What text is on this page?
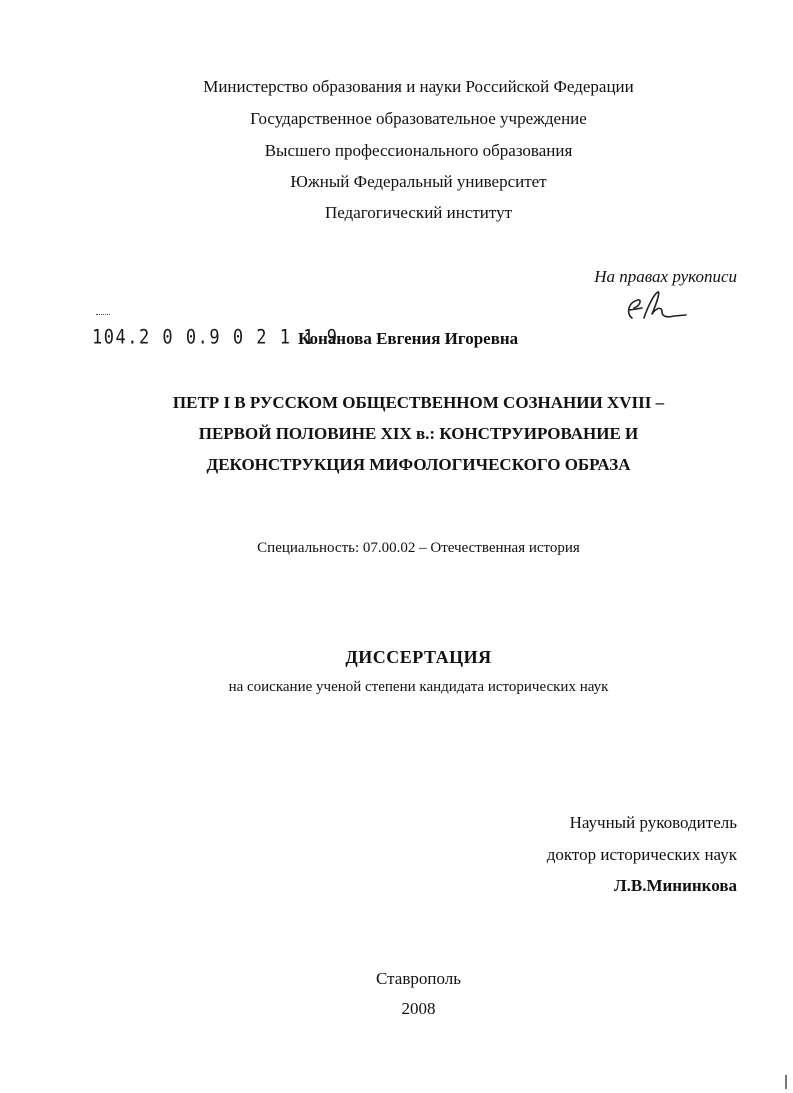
Министерство образования и науки Российской Федерации
Государственное образовательное учреждение
Высшего профессионального образования
Южный Федеральный университет
Педагогический институт
На правах рукописи
104.2 0 0.9 0 2 1 1 9
Конанова Евгения Игоревна
ПЕТР I В РУССКОМ ОБЩЕСТВЕННОМ СОЗНАНИИ XVIII –
ПЕРВОЙ ПОЛОВИНЕ XIX в.: КОНСТРУИРОВАНИЕ И
ДЕКОНСТРУКЦИЯ МИФОЛОГИЧЕСКОГО ОБРАЗА
Специальность: 07.00.02 – Отечественная история
ДИССЕРТАЦИЯ
на соискание ученой степени кандидата исторических наук
Научный руководитель
доктор исторических наук
Л.В.Мининкова
Ставрополь
2008
